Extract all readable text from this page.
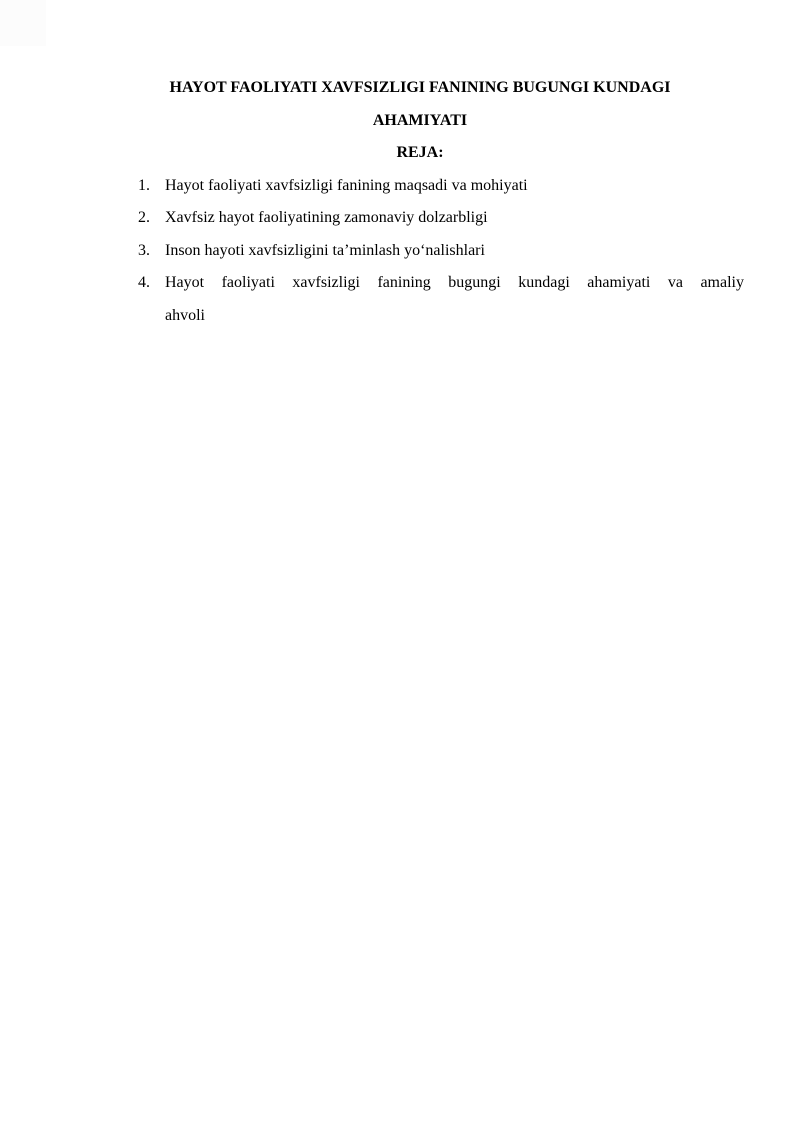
HAYOT FAOLIYATI XAVFSIZLIGI FANINING BUGUNGI KUNDAGI
AHAMIYATI
REJA:
1. Hayot faoliyati xavfsizligi fanining maqsadi va mohiyati
2. Xavfsiz hayot faoliyatining zamonaviy dolzarbligi
3. Inson hayoti xavfsizligini ta’minlash yo‘nalishlari
4. Hayot faoliyati xavfsizligi fanining bugungi kundagi ahamiyati va amaliy
ahvoli
